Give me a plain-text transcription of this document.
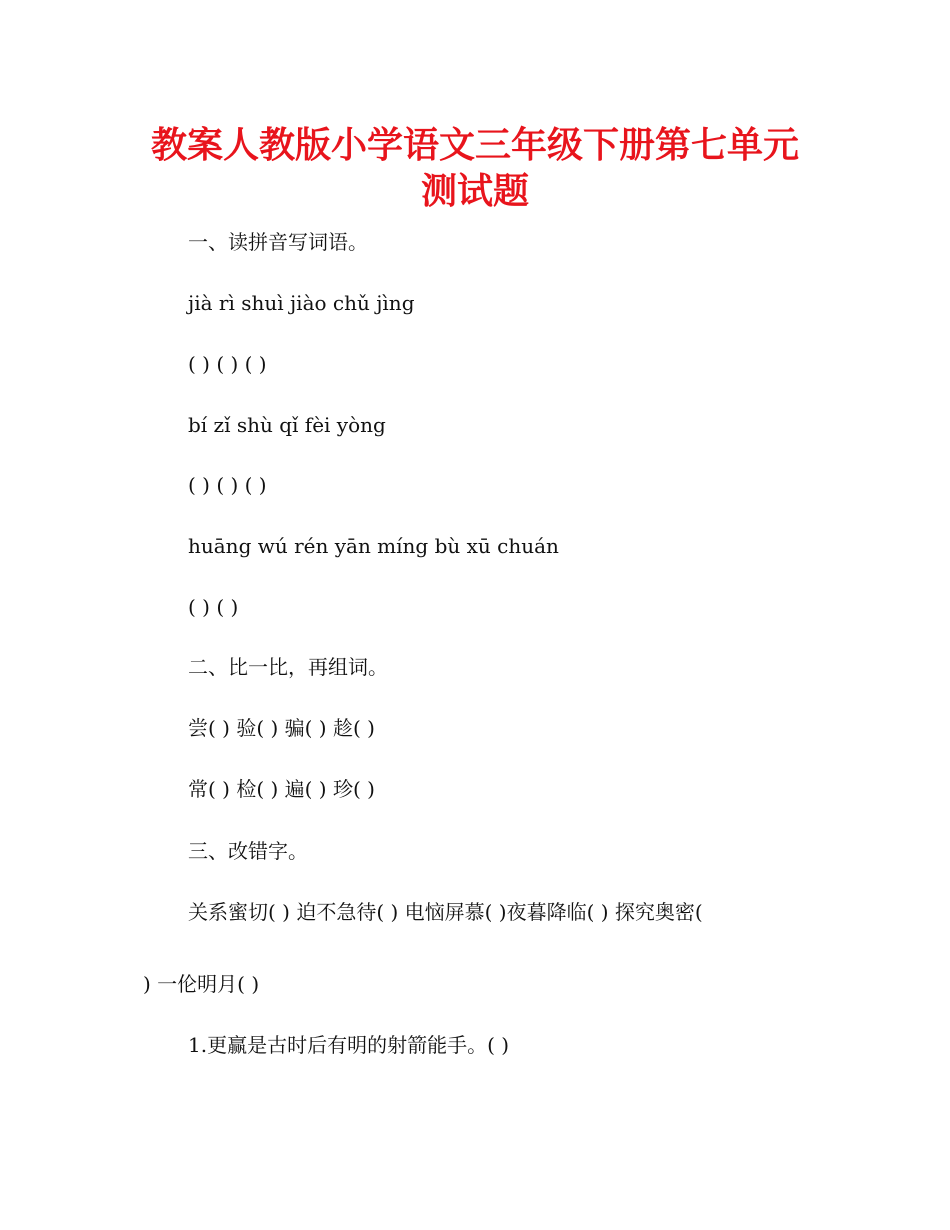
教案人教版小学语文三年级下册第七单元
测试题

一、读拼音写词语。

jià rì shuì jiào chǔ jìng

( ) ( ) ( )

bí zǐ shù qǐ fèi yòng

( ) ( ) ( )

huāng wú rén yān míng bù xū chuán

( ) ( )

二、比一比，再组词。

尝( ) 验( ) 骗( ) 趁( )

常( ) 检( ) 遍( ) 珍( )

三、改错字。

关系蜜切( ) 迫不急待( ) 电恼屏慕( )夜暮降临( ) 探究奥密(

) 一伦明月( )

1.更赢是古时后有明的射箭能手。( )
